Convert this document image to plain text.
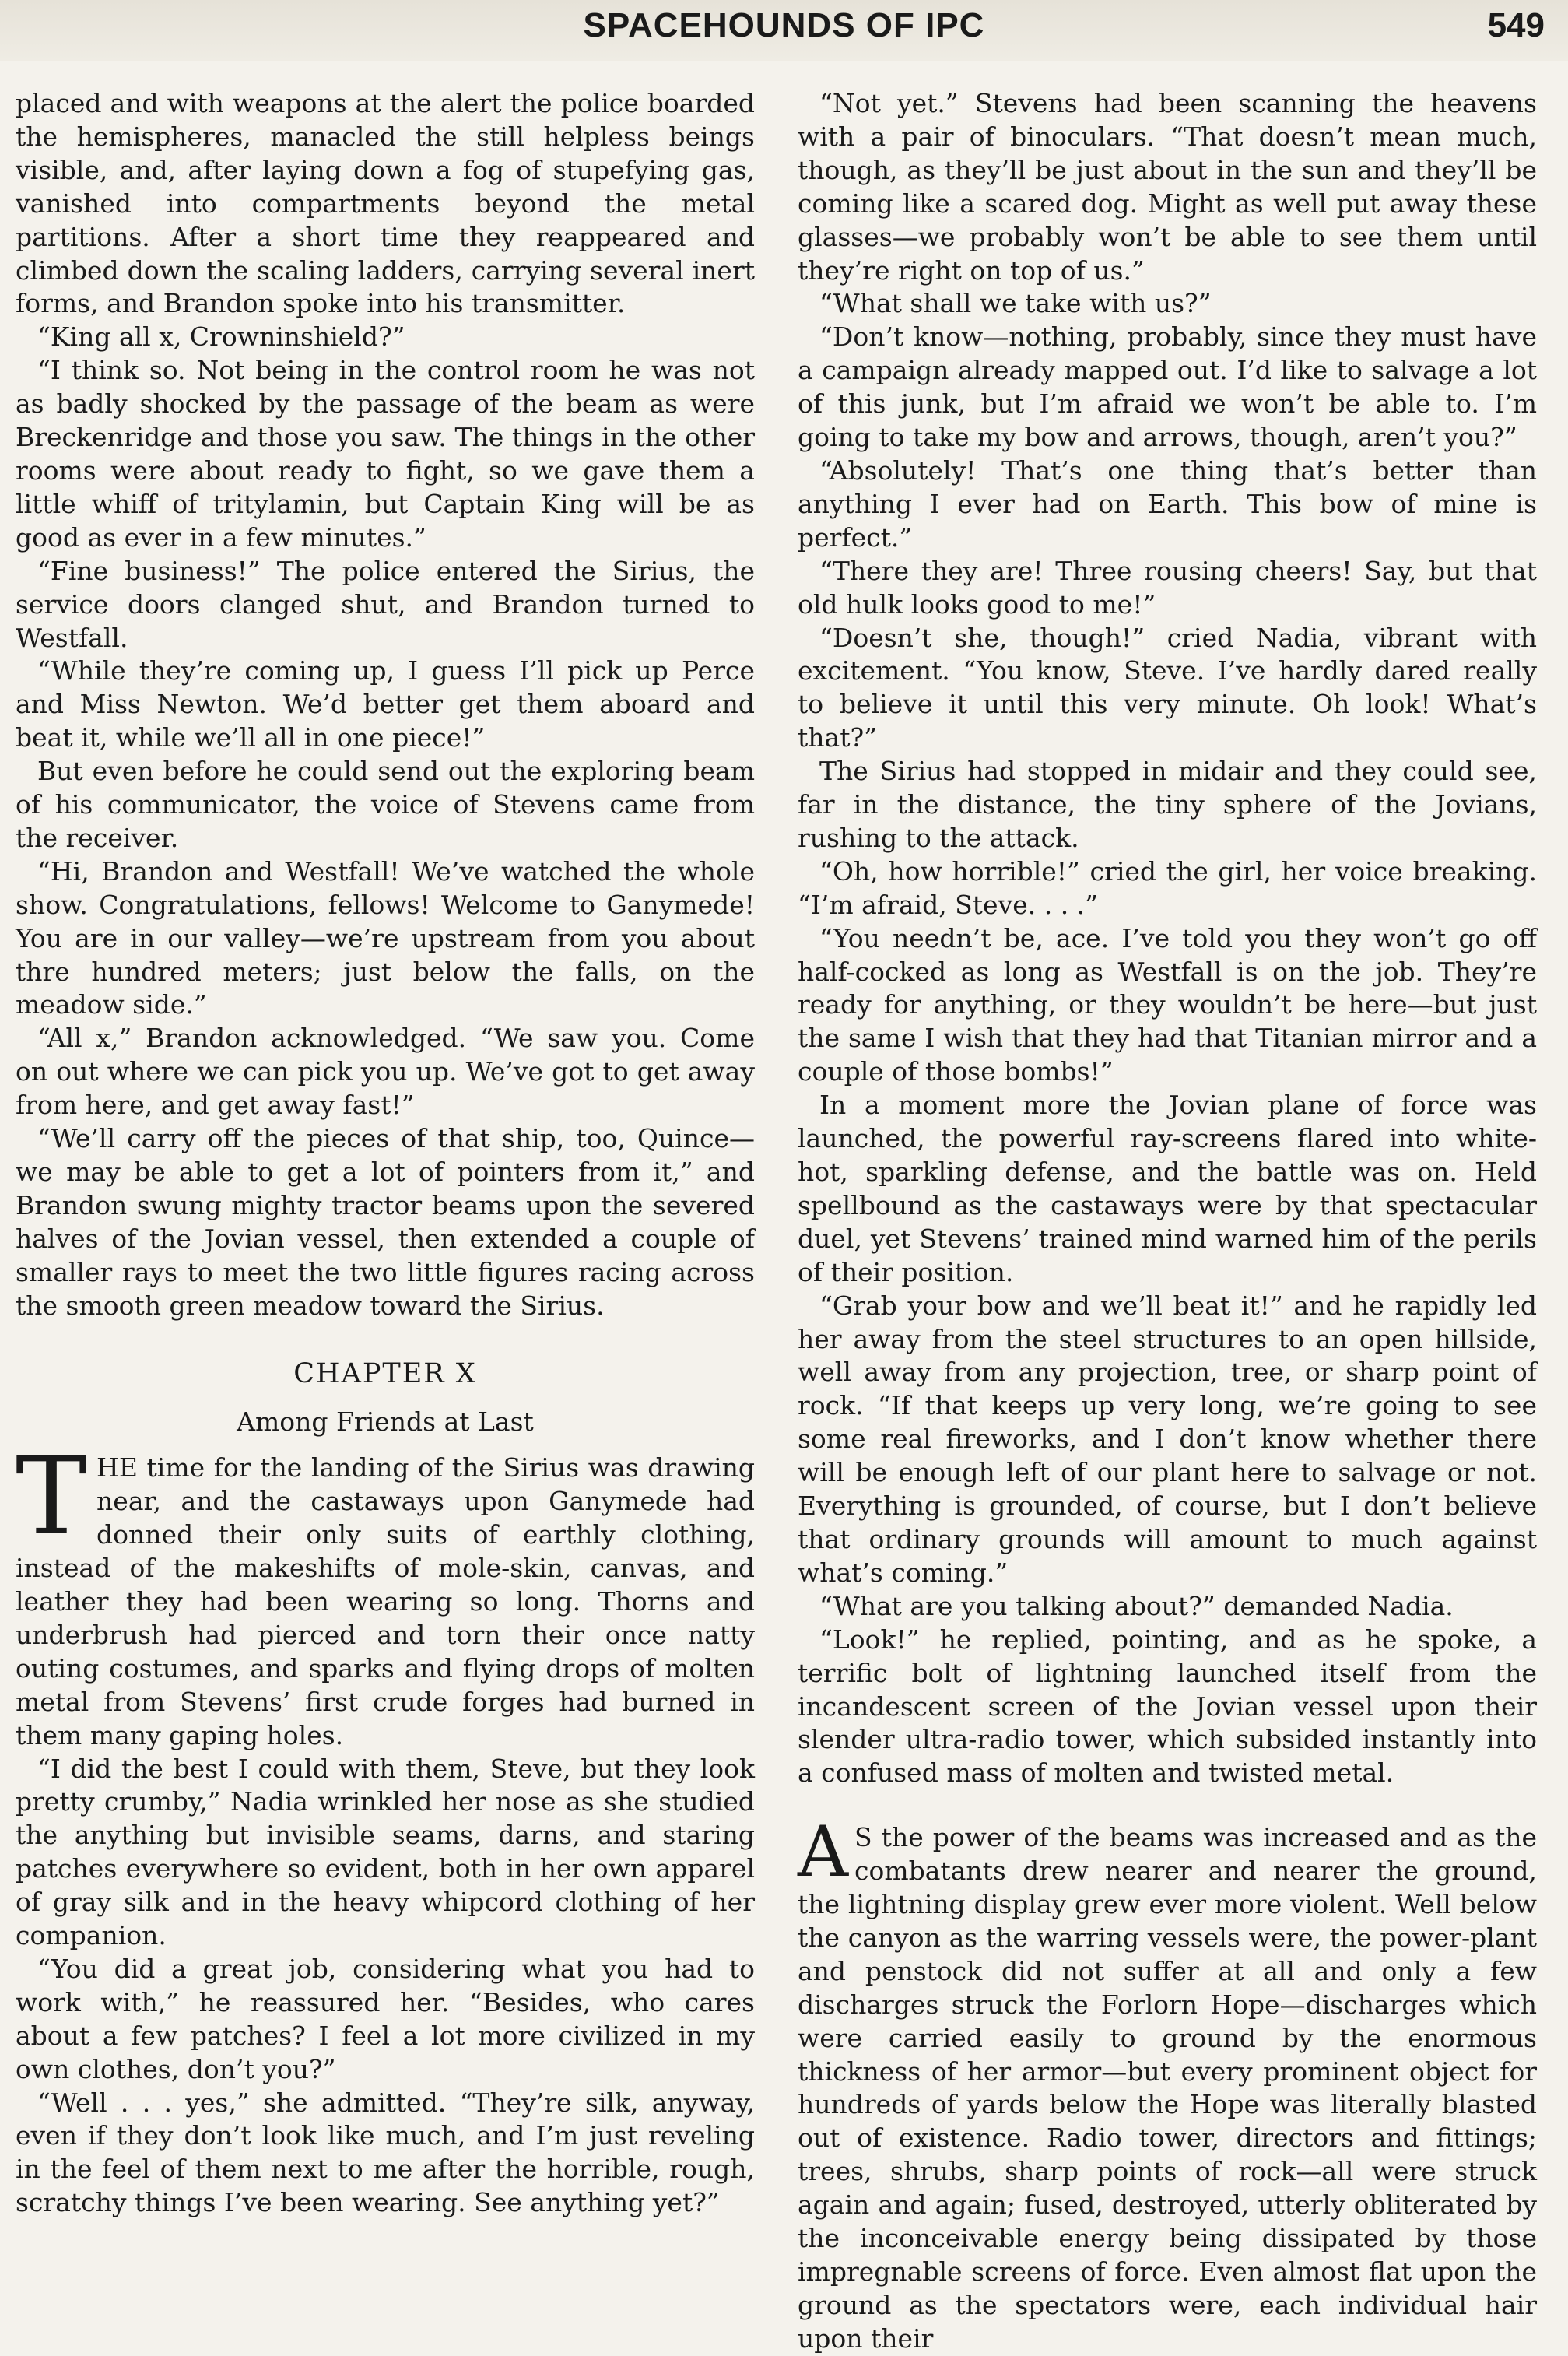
SPACEHOUNDS OF IPC	549

placed and with weapons at the alert the police boarded the hemispheres, manacled the still helpless beings visible, and, after laying down a fog of stupefying gas, vanished into compartments beyond the metal partitions. After a short time they reappeared and climbed down the scaling ladders, carrying several inert forms, and Brandon spoke into his transmitter.

“King all x, Crowninshield?”

“I think so. Not being in the control room he was not as badly shocked by the passage of the beam as were Breckenridge and those you saw. The things in the other rooms were about ready to fight, so we gave them a little whiff of tritylamin, but Captain King will be as good as ever in a few minutes.”

“Fine business!” The police entered the Sirius, the service doors clanged shut, and Brandon turned to Westfall.

“While they’re coming up, I guess I’ll pick up Perce and Miss Newton. We’d better get them aboard and beat it, while we’ll all in one piece!”

But even before he could send out the exploring beam of his communicator, the voice of Stevens came from the receiver.

“Hi, Brandon and Westfall! We’ve watched the whole show. Congratulations, fellows! Welcome to Ganymede! You are in our valley—we’re upstream from you about thre hundred meters; just below the falls, on the meadow side.”

“All x,” Brandon acknowledged. “We saw you. Come on out where we can pick you up. We’ve got to get away from here, and get away fast!”

“We’ll carry off the pieces of that ship, too, Quince—we may be able to get a lot of pointers from it,” and Brandon swung mighty tractor beams upon the severed halves of the Jovian vessel, then extended a couple of smaller rays to meet the two little figures racing across the smooth green meadow toward the Sirius.

CHAPTER X
Among Friends at Last

THE time for the landing of the Sirius was drawing near, and the castaways upon Ganymede had donned their only suits of earthly clothing, instead of the makeshifts of mole-skin, canvas, and leather they had been wearing so long. Thorns and underbrush had pierced and torn their once natty outing costumes, and sparks and flying drops of molten metal from Stevens’ first crude forges had burned in them many gaping holes.

“I did the best I could with them, Steve, but they look pretty crumby,” Nadia wrinkled her nose as she studied the anything but invisible seams, darns, and staring patches everywhere so evident, both in her own apparel of gray silk and in the heavy whipcord clothing of her companion.

“You did a great job, considering what you had to work with,” he reassured her. “Besides, who cares about a few patches? I feel a lot more civilized in my own clothes, don’t you?”

“Well . . . yes,” she admitted. “They’re silk, anyway, even if they don’t look like much, and I’m just reveling in the feel of them next to me after the horrible, rough, scratchy things I’ve been wearing. See anything yet?”

“Not yet.” Stevens had been scanning the heavens with a pair of binoculars. “That doesn’t mean much, though, as they’ll be just about in the sun and they’ll be coming like a scared dog. Might as well put away these glasses—we probably won’t be able to see them until they’re right on top of us.”

“What shall we take with us?”

“Don’t know—nothing, probably, since they must have a campaign already mapped out. I’d like to salvage a lot of this junk, but I’m afraid we won’t be able to. I’m going to take my bow and arrows, though, aren’t you?”

“Absolutely! That’s one thing that’s better than anything I ever had on Earth. This bow of mine is perfect.”

“There they are! Three rousing cheers! Say, but that old hulk looks good to me!”

“Doesn’t she, though!” cried Nadia, vibrant with excitement. “You know, Steve. I’ve hardly dared really to believe it until this very minute. Oh look! What’s that?”

The Sirius had stopped in midair and they could see, far in the distance, the tiny sphere of the Jovians, rushing to the attack.

“Oh, how horrible!” cried the girl, her voice breaking. “I’m afraid, Steve. . . .”

“You needn’t be, ace. I’ve told you they won’t go off half-cocked as long as Westfall is on the job. They’re ready for anything, or they wouldn’t be here—but just the same I wish that they had that Titanian mirror and a couple of those bombs!”

In a moment more the Jovian plane of force was launched, the powerful ray-screens flared into white-hot, sparkling defense, and the battle was on. Held spellbound as the castaways were by that spectacular duel, yet Stevens’ trained mind warned him of the perils of their position.

“Grab your bow and we’ll beat it!” and he rapidly led her away from the steel structures to an open hillside, well away from any projection, tree, or sharp point of rock. “If that keeps up very long, we’re going to see some real fireworks, and I don’t know whether there will be enough left of our plant here to salvage or not. Everything is grounded, of course, but I don’t believe that ordinary grounds will amount to much against what’s coming.”

“What are you talking about?” demanded Nadia.

“Look!” he replied, pointing, and as he spoke, a terrific bolt of lightning launched itself from the incandescent screen of the Jovian vessel upon their slender ultra-radio tower, which subsided instantly into a confused mass of molten and twisted metal.

A S the power of the beams was increased and as the combatants drew nearer and nearer the ground, the lightning display grew ever more violent. Well below the canyon as the warring vessels were, the power-plant and penstock did not suffer at all and only a few discharges struck the Forlorn Hope—discharges which were carried easily to ground by the enormous thickness of her armor—but every prominent object for hundreds of yards below the Hope was literally blasted out of existence. Radio tower, directors and fittings; trees, shrubs, sharp points of rock—all were struck again and again; fused, destroyed, utterly obliterated by the inconceivable energy being dissipated by those impregnable screens of force. Even almost flat upon the ground as the spectators were, each individual hair upon their
